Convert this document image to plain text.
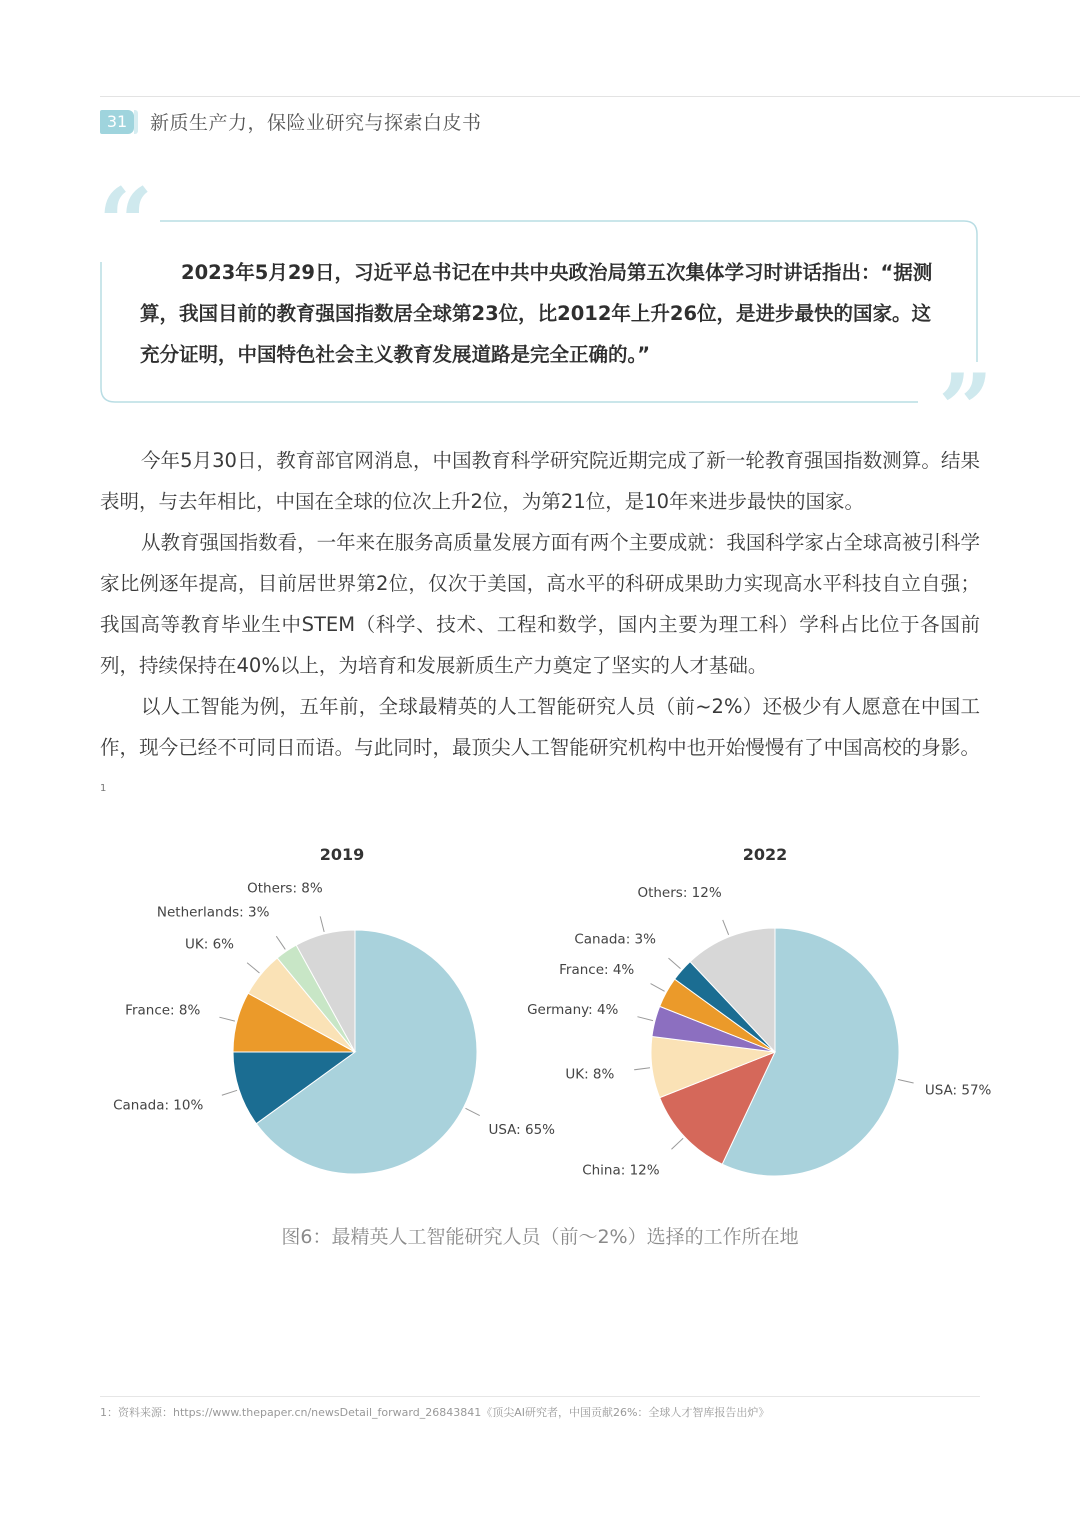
31	新质生产力，保险业研究与探索白皮书
“
”

2023年5月29日，习近平总书记在中共中央政治局第五次集体学习时讲话指出：“据测算，我国目前的教育强国指数居全球第23位，比2012年上升26位，是进步最快的国家。这充分证明，中国特色社会主义教育发展道路是完全正确的。”

今年5月30日，教育部官网消息，中国教育科学研究院近期完成了新一轮教育强国指数测算。结果表明，与去年相比，中国在全球的位次上升2位，为第21位，是10年来进步最快的国家。

从教育强国指数看，一年来在服务高质量发展方面有两个主要成就：我国科学家占全球高被引科学家比例逐年提高，目前居世界第2位，仅次于美国，高水平的科研成果助力实现高水平科技自立自强；我国高等教育毕业生中STEM（科学、技术、工程和数学，国内主要为理工科）学科占比位于各国前列，持续保持在40%以上，为培育和发展新质生产力奠定了坚实的人才基础。

以人工智能为例，五年前，全球最精英的人工智能研究人员（前~2%）还极少有人愿意在中国工作，现今已经不可同日而语。与此同时，最顶尖人工智能研究机构中也开始慢慢有了中国高校的身影。$^1$

2019
USA: 65%
Canada: 10%
France: 8%
UK: 6%
Netherlands: 3%
Others: 8%
2022
USA: 57%
China: 12%
UK: 8%
Germany: 4%
France: 4%
Canada: 3%
Others: 12%
图6：最精英人工智能研究人员（前～2%）选择的工作所在地
1：资料来源：https://www.thepaper.cn/newsDetail_forward_26843841《顶尖AI研究者，中国贡献26%：全球人才智库报告出炉》
